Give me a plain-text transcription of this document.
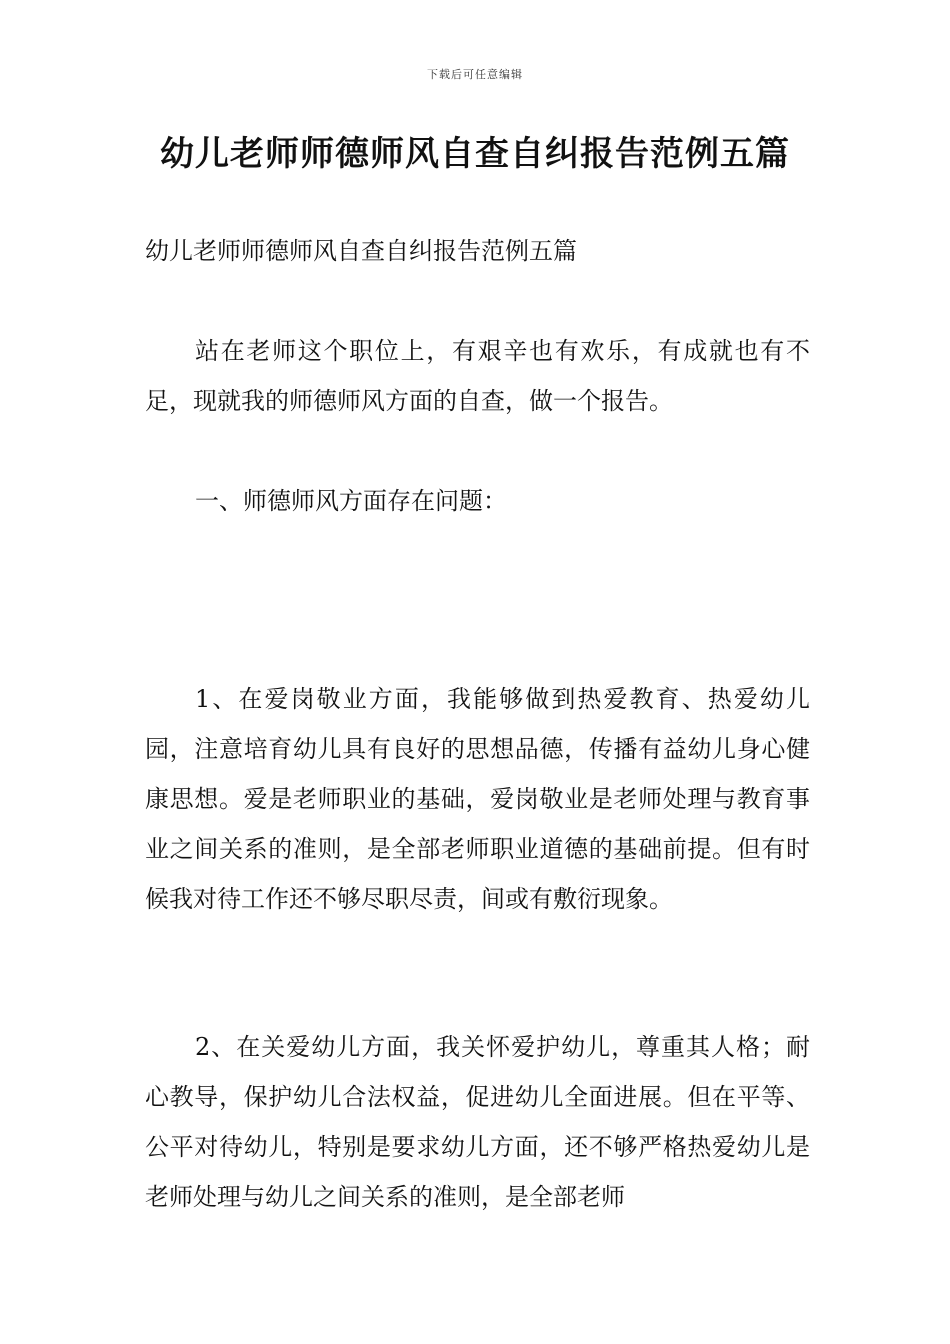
下载后可任意编辑
幼儿老师师德师风自查自纠报告范例五篇

幼儿老师师德师风自查自纠报告范例五篇

站在老师这个职位上，有艰辛也有欢乐，有成就也有不足，现就我的师德师风方面的自查，做一个报告。

一、师德师风方面存在问题：

1、在爱岗敬业方面，我能够做到热爱教育、热爱幼儿园，注意培育幼儿具有良好的思想品德，传播有益幼儿身心健康思想。爱是老师职业的基础，爱岗敬业是老师处理与教育事业之间关系的准则，是全部老师职业道德的基础前提。但有时候我对待工作还不够尽职尽责，间或有敷衍现象。

2、在关爱幼儿方面，我关怀爱护幼儿，尊重其人格；耐心教导，保护幼儿合法权益，促进幼儿全面进展。但在平等、公平对待幼儿，特别是要求幼儿方面，还不够严格热爱幼儿是老师处理与幼儿之间关系的准则，是全部老师
